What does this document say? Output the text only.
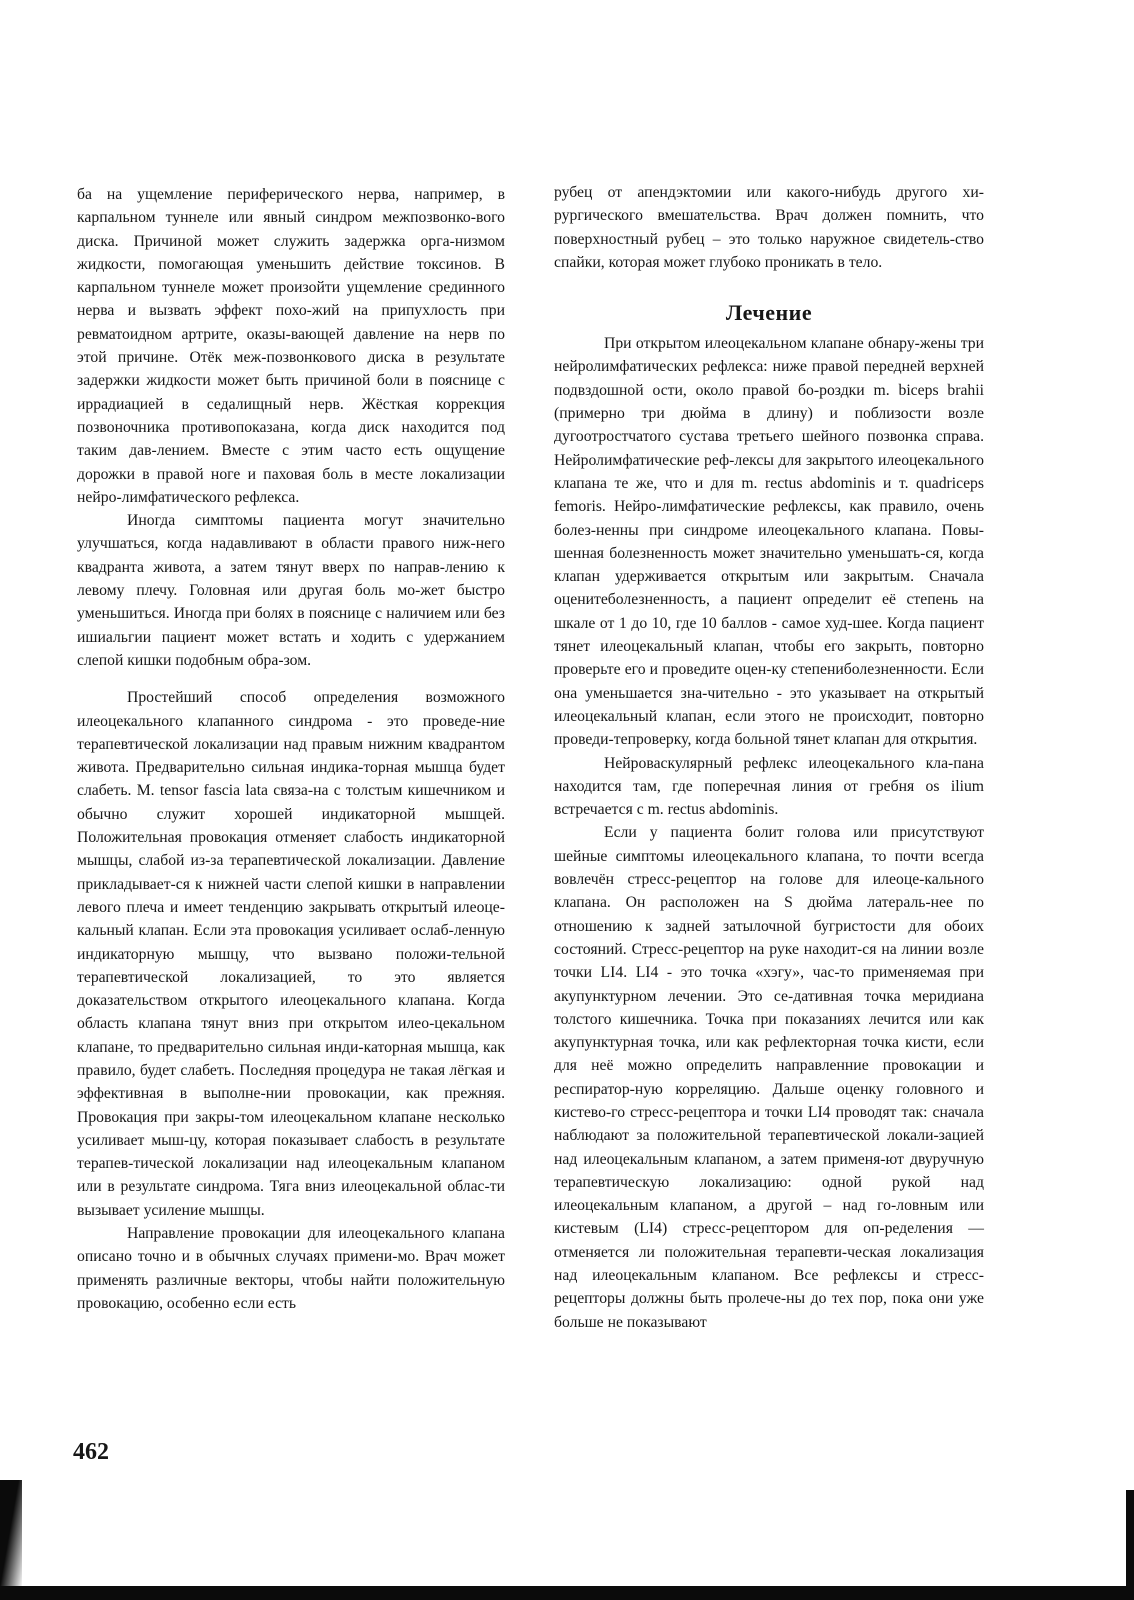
ба на ущемление периферического нерва, например, в карпальном туннеле или явный синдром межпозвонко-вого диска. Причиной может служить задержка орга-низмом жидкости, помогающая уменьшить действие токсинов. В карпальном туннеле может произойти ущемление срединного нерва и вызвать эффект похо-жий на припухлость при ревматоидном артрите, оказы-вающей давление на нерв по этой причине. Отёк меж-позвонкового диска в результате задержки жидкости может быть причиной боли в пояснице с иррадиацией в седалищный нерв. Жёсткая коррекция позвоночника противопоказана, когда диск находится под таким дав-лением. Вместе с этим часто есть ощущение дорожки в правой ноге и паховая боль в месте локализации нейро-лимфатического рефлекса.

Иногда симптомы пациента могут значительно улучшаться, когда надавливают в области правого ниж-него квадранта живота, а затем тянут вверх по направ-лению к левому плечу. Головная или другая боль мо-жет быстро уменьшиться. Иногда при болях в пояснице с наличием или без ишиальгии пациент может встать и ходить с удержанием слепой кишки подобным обра-зом.

Простейший способ определения возможного илеоцекального клапанного синдрома - это проведе-ние терапевтической локализации над правым нижним квадрантом живота. Предварительно сильная индика-торная мышца будет слабеть. M. tensor fascia lata связа-на с толстым кишечником и обычно служит хорошей индикаторной мышцей. Положительная провокация отменяет слабость индикаторной мышцы, слабой из-за терапевтической локализации. Давление прикладывает-ся к нижней части слепой кишки в направлении левого плеча и имеет тенденцию закрывать открытый илеоце-кальный клапан. Если эта провокация усиливает ослаб-ленную индикаторную мышцу, что вызвано положи-тельной терапевтической локализацией, то это является доказательством открытого илеоцекального клапана. Когда область клапана тянут вниз при открытом илео-цекальном клапане, то предварительно сильная инди-каторная мышца, как правило, будет слабеть. Последняя процедура не такая лёгкая и эффективная в выполне-нии провокации, как прежняя. Провокация при закры-том илеоцекальном клапане несколько усиливает мыш-цу, которая показывает слабость в результате терапев-тической локализации над илеоцекальным клапаном или в результате синдрома. Тяга вниз илеоцекальной облас-ти вызывает усиление мышцы.

Направление провокации для илеоцекального клапана описано точно и в обычных случаях примени-мо. Врач может применять различные векторы, чтобы найти положительную провокацию, особенно если есть

рубец от апендэктомии или какого-нибудь другого хи-рургического вмешательства. Врач должен помнить, что поверхностный рубец – это только наружное свидетель-ство спайки, которая может глубоко проникать в тело.

Лечение

При открытом илеоцекальном клапане обнару-жены три нейролимфатических рефлекса: ниже правой передней верхней подвздошной ости, около правой бо-роздки m. biceps brahii (примерно три дюйма в длину) и поблизости возле дугоотростчатого сустава третьего шейного позвонка справа. Нейролимфатические реф-лексы для закрытого илеоцекального клапана те же, что и для m. rectus abdominis и т. quadriceps femoris. Нейро-лимфатические рефлексы, как правило, очень болез-ненны при синдроме илеоцекального клапана. Повы-шенная болезненность может значительно уменьшать-ся, когда клапан удерживается открытым или закрытым. Сначала оценитеболезненность, а пациент определит её степень на шкале от 1 до 10, где 10 баллов - самое худ-шее. Когда пациент тянет илеоцекальный клапан, чтобы его закрыть, повторно проверьте его и проведите оцен-ку степениболезненности. Если она уменьшается зна-чительно - это указывает на открытый илеоцекальный клапан, если этого не происходит, повторно проведи-тепроверку, когда больной тянет клапан для открытия.

Нейроваскулярный рефлекс илеоцекального кла-пана находится там, где поперечная линия от гребня os ilium встречается с m. rectus abdominis.

Если у пациента болит голова или присутствуют шейные симптомы илеоцекального клапана, то почти всегда вовлечён стресс-рецептор на голове для илеоце-кального клапана. Он расположен на S дюйма латераль-нее по отношению к задней затылочной бугристости для обоих состояний. Стресс-рецептор на руке находит-ся на линии возле точки LI4. LI4 - это точка «хэгу», час-то применяемая при акупунктурном лечении. Это се-дативная точка меридиана толстого кишечника. Точка при показаниях лечится или как акупунктурная точка, или как рефлекторная точка кисти, если для неё можно определить направленние провокации и респиратор-ную корреляцию. Дальше оценку головного и кистево-го стресс-рецептора и точки LI4 проводят так: сначала наблюдают за положительной терапевтической локали-зацией над илеоцекальным клапаном, а затем применя-ют двуручную терапевтическую локализацию: одной рукой над илеоцекальным клапаном, а другой – над го-ловным или кистевым (LI4) стресс-рецептором для оп-ределения — отменяется ли положительная терапевти-ческая локализация над илеоцекальным клапаном. Все рефлексы и стресс-рецепторы должны быть пролече-ны до тех пор, пока они уже больше не показывают

462
